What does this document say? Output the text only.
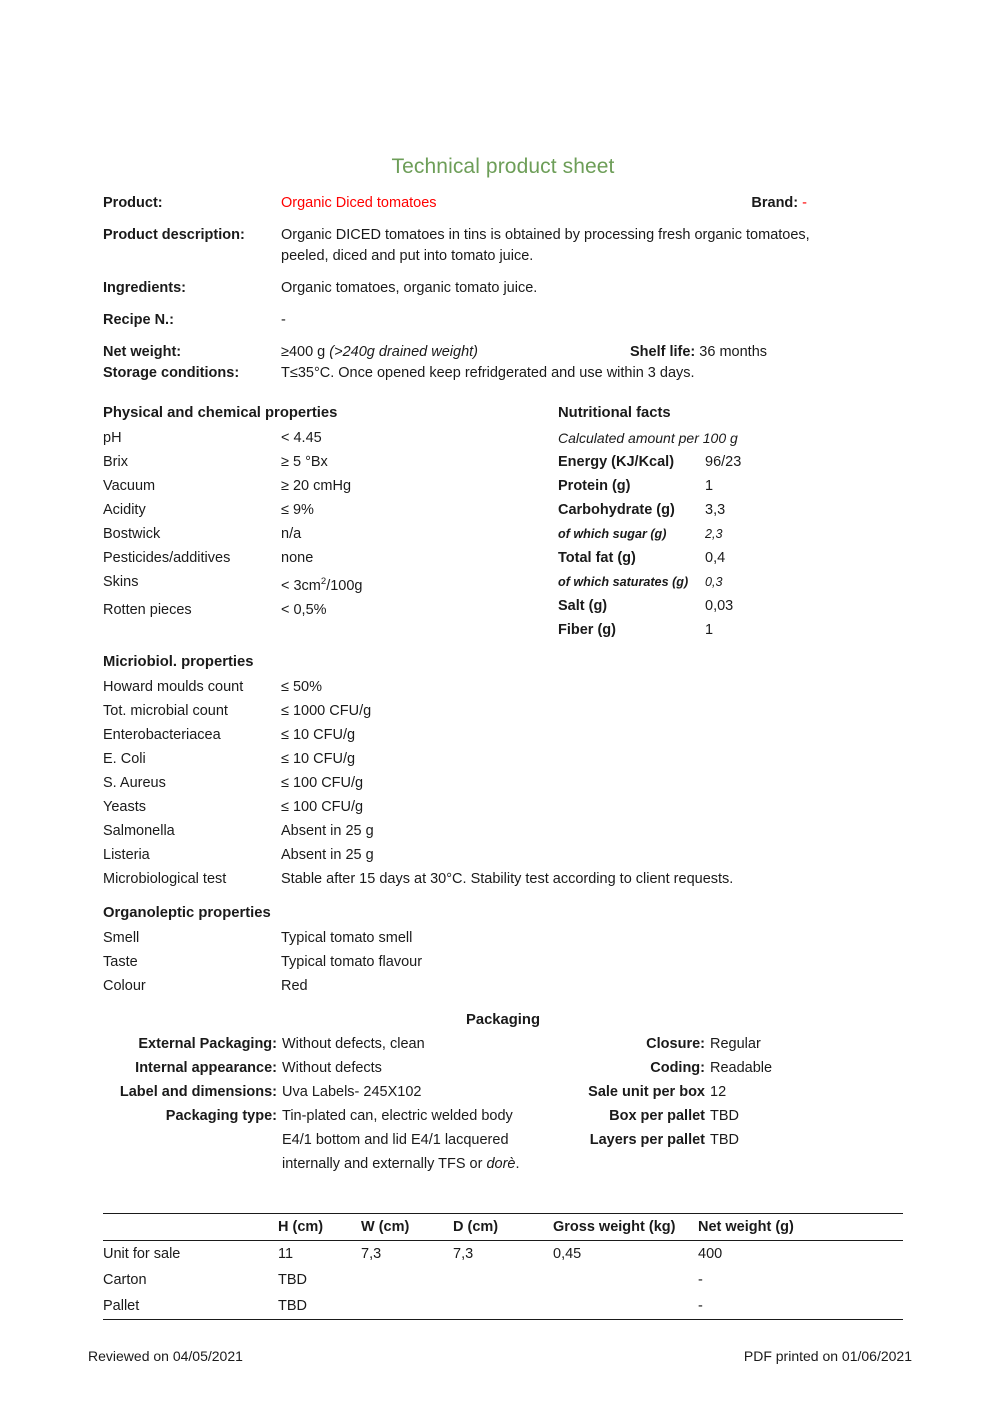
Technical product sheet
Product:	Organic Diced tomatoes	Brand: -
Product description:	Organic DICED tomatoes in tins is obtained by processing fresh organic tomatoes,
peeled, diced and put into tomato juice.
Ingredients:	Organic tomatoes, organic tomato juice.
Recipe N.:	-
Net weight:	≥400 g (>240g drained weight)	Shelf life: 36 months
Storage conditions:	T≤35°C. Once opened keep refridgerated and use within 3 days.
Physical and chemical properties
pH	< 4.45
Brix	≥ 5 °Bx
Vacuum	≥ 20 cmHg
Acidity	≤ 9%
Bostwick	n/a
Pesticides/additives	none
Skins	< $3cm^2/100g$
Rotten pieces	< 0,5%
Nutritional facts
Calculated amount per 100 g
Energy (KJ/Kcal)	96/23
Protein (g)	1
Carbohydrate (g)	3,3
of which sugar (g)	2,3
Total fat (g)	0,4
of which saturates (g)	0,3
Salt (g)	0,03
Fiber (g)	1
Micriobiol. properties
Howard moulds count	≤ 50%
Tot. microbial count	≤ 1000 CFU/g
Enterobacteriacea	≤ 10 CFU/g
E. Coli	≤ 10 CFU/g
S. Aureus	≤ 100 CFU/g
Yeasts	≤ 100 CFU/g
Salmonella	Absent in 25 g
Listeria	Absent in 25 g
Microbiological test	Stable after 15 days at 30°C. Stability test according to client requests.
Organoleptic properties
Smell	Typical tomato smell
Taste	Typical tomato flavour
Colour	Red
Packaging
External Packaging: Without defects, clean
Internal appearance: Without defects
Label and dimensions: Uva Labels- 245X102
Packaging type: Tin-plated can, electric welded body
E4/1 bottom and lid E4/1 lacquered
internally and externally TFS or dorè.
Closure: Regular
Coding: Readable
Sale unit per box 12
Box per pallet TBD
Layers per pallet TBD
	H (cm)	W (cm)	D (cm)	Gross weight (kg)	Net weight (g)
Unit for sale	11	7,3	7,3	0,45	400
Carton	TBD				-
Pallet	TBD				-
Reviewed on 04/05/2021	PDF printed on 01/06/2021
